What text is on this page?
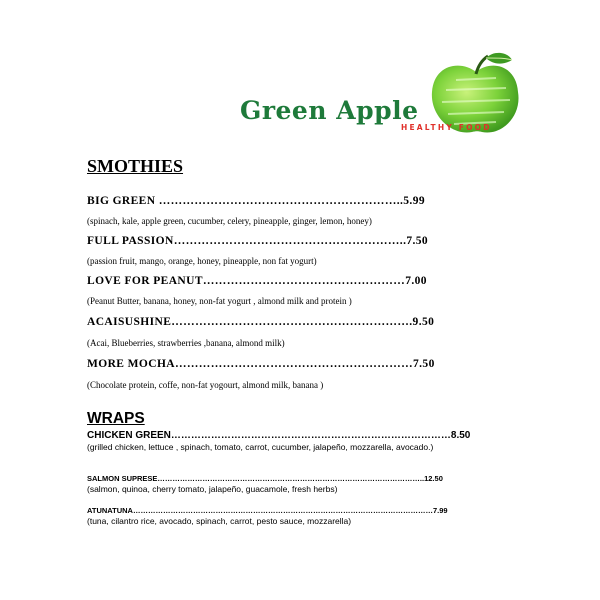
Green Apple
HEALTHY FOOD
SMOTHIES
BIG GREEN ……………………………………………………..5.99
(spinach, kale, apple green, cucumber, celery, pineapple, ginger, lemon, honey)
FULL PASSION…………………………………………………..7.50
(passion fruit, mango, orange, honey, pineapple, non fat yogurt)
LOVE FOR PEANUT……………………………………………7.00
(Peanut Butter, banana, honey, non-fat yogurt , almond milk and protein )
ACAISUSHINE…………………………………………………….9.50
(Acai, Blueberries, strawberries ,banana, almond milk)
MORE MOCHA……………………………………………………7.50
(Chocolate protein, coffe, non-fat yogourt, almond milk, banana )
WRAPS
CHICKEN GREEN…………………………………………………………………………8.50
(grilled chicken, lettuce , spinach, tomato, carrot, cucumber, jalapeño, mozzarella, avocado.)
SALMON SUPRESE……………………………………………………………………………………………..12.50
(salmon, quinoa, cherry tomato, jalapeño, guacamole, fresh herbs)
ATUNATUNA…………………………………………………………………………………………………………7.99
(tuna, cilantro rice, avocado, spinach, carrot, pesto sauce, mozzarella)
